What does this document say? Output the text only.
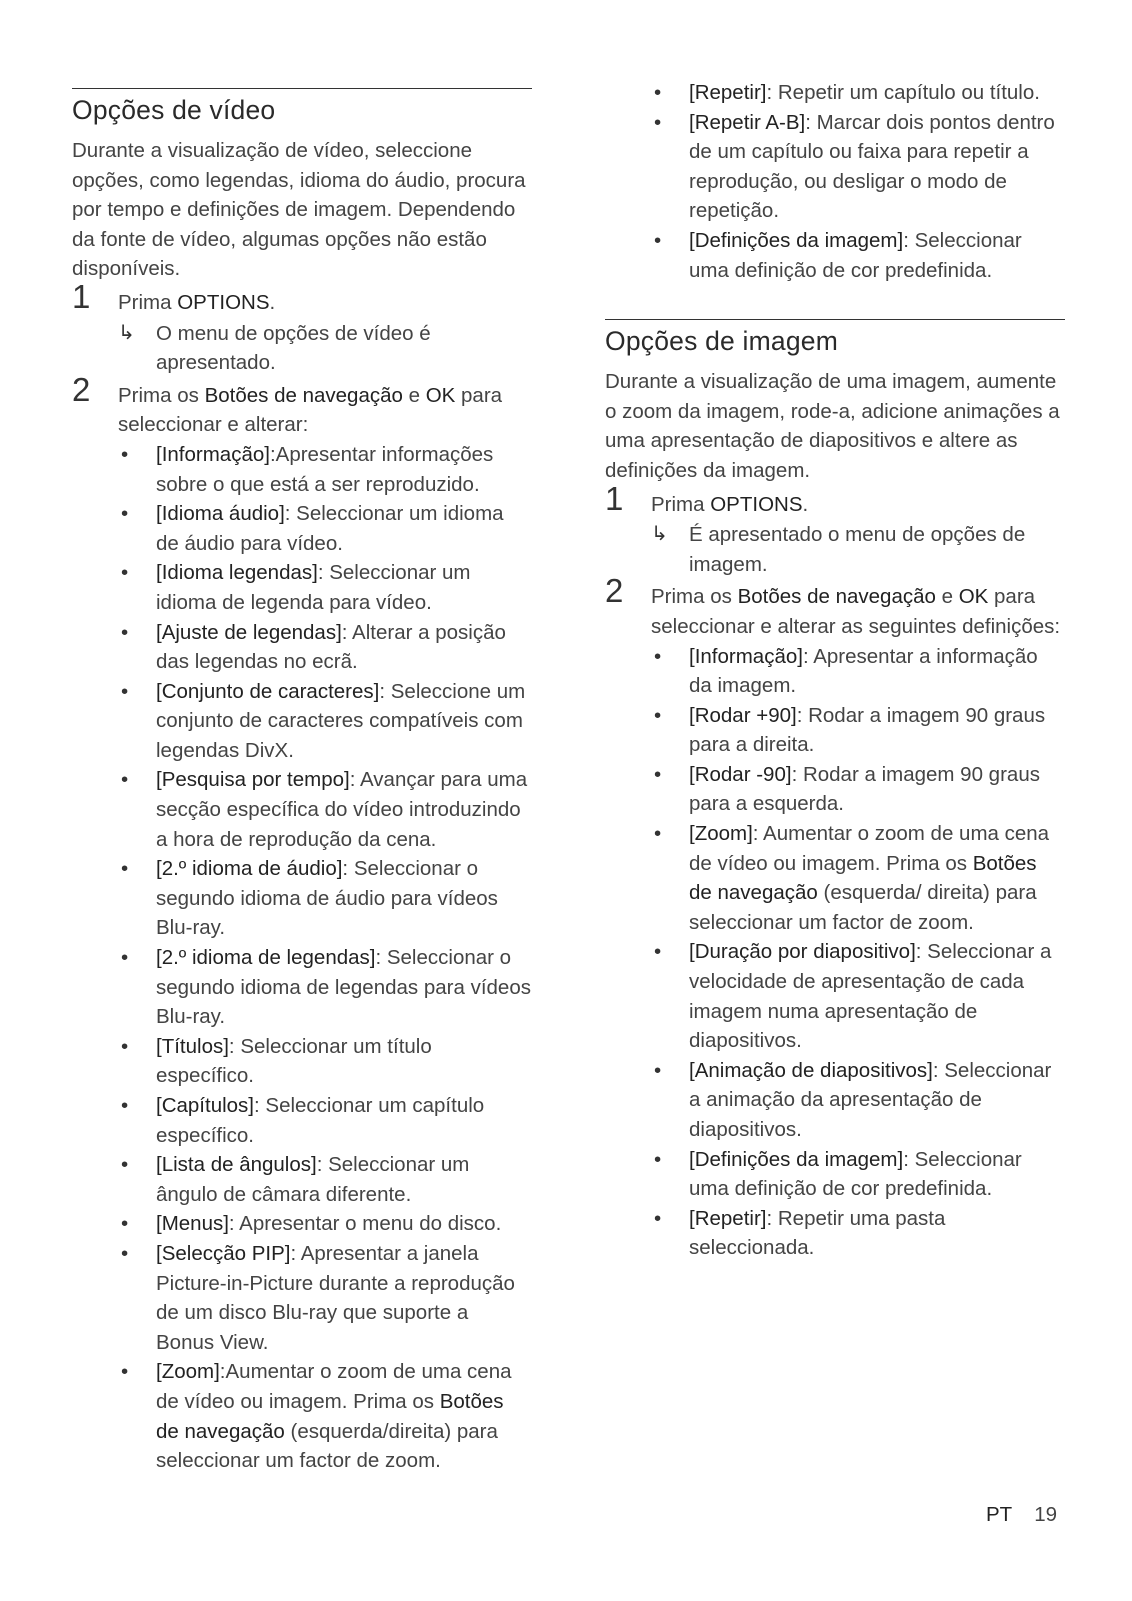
Opções de vídeo

Durante a visualização de vídeo, seleccione opções, como legendas, idioma do áudio, procura por tempo e definições de imagem. Dependendo da fonte de vídeo, algumas opções não estão disponíveis.

1 Prima OPTIONS.
↳ O menu de opções de vídeo é apresentado.
2 Prima os Botões de navegação e OK para seleccionar e alterar:
• [Informação]:Apresentar informações sobre o que está a ser reproduzido.
• [Idioma áudio]: Seleccionar um idioma de áudio para vídeo.
• [Idioma legendas]: Seleccionar um idioma de legenda para vídeo.
• [Ajuste de legendas]: Alterar a posição das legendas no ecrã.
• [Conjunto de caracteres]: Seleccione um conjunto de caracteres compatíveis com legendas DivX.
• [Pesquisa por tempo]: Avançar para uma secção específica do vídeo introduzindo a hora de reprodução da cena.
• [2.º idioma de áudio]: Seleccionar o segundo idioma de áudio para vídeos Blu-ray.
• [2.º idioma de legendas]: Seleccionar o segundo idioma de legendas para vídeos Blu-ray.
• [Títulos]: Seleccionar um título específico.
• [Capítulos]: Seleccionar um capítulo específico.
• [Lista de ângulos]: Seleccionar um ângulo de câmara diferente.
• [Menus]: Apresentar o menu do disco.
• [Selecção PIP]: Apresentar a janela Picture-in-Picture durante a reprodução de um disco Blu-ray que suporte a Bonus View.
• [Zoom]:Aumentar o zoom de uma cena de vídeo ou imagem. Prima os Botões de navegação (esquerda/direita) para seleccionar um factor de zoom.
• [Repetir]: Repetir um capítulo ou título.
• [Repetir A-B]: Marcar dois pontos dentro de um capítulo ou faixa para repetir a reprodução, ou desligar o modo de repetição.
• [Definições da imagem]: Seleccionar uma definição de cor predefinida.
Opções de imagem

Durante a visualização de uma imagem, aumente o zoom da imagem, rode-a, adicione animações a uma apresentação de diapositivos e altere as definições da imagem.

1 Prima OPTIONS.
↳ É apresentado o menu de opções de imagem.
2 Prima os Botões de navegação e OK para seleccionar e alterar as seguintes definições:
• [Informação]: Apresentar a informação da imagem.
• [Rodar +90]: Rodar a imagem 90 graus para a direita.
• [Rodar -90]: Rodar a imagem 90 graus para a esquerda.
• [Zoom]: Aumentar o zoom de uma cena de vídeo ou imagem. Prima os Botões de navegação (esquerda/ direita) para seleccionar um factor de zoom.
• [Duração por diapositivo]: Seleccionar a velocidade de apresentação de cada imagem numa apresentação de diapositivos.
• [Animação de diapositivos]: Seleccionar a animação da apresentação de diapositivos.
• [Definições da imagem]: Seleccionar uma definição de cor predefinida.
• [Repetir]: Repetir uma pasta seleccionada.
PT 19
